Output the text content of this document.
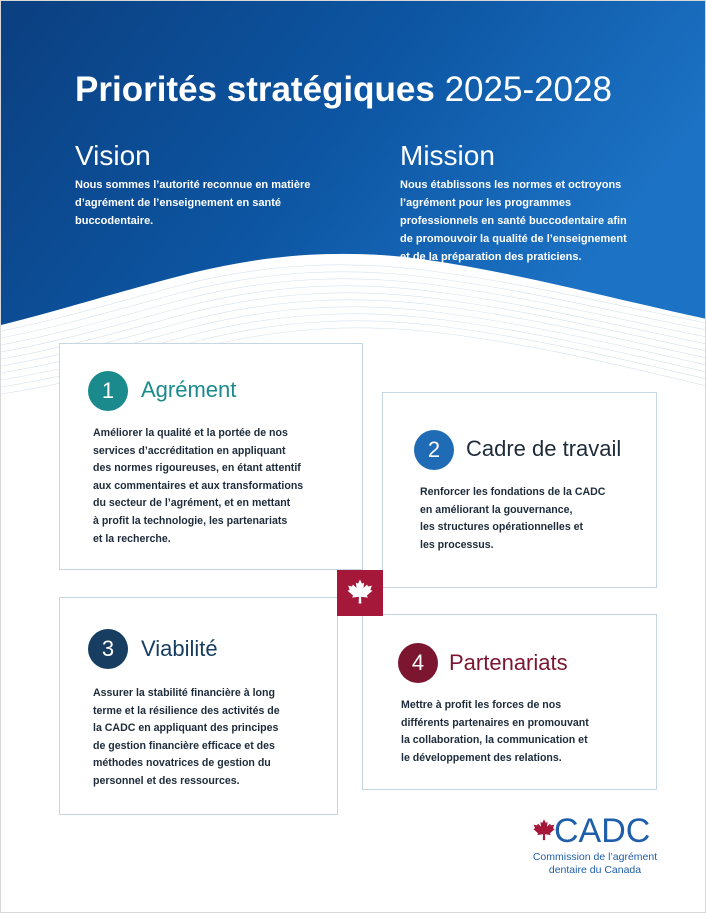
Priorités stratégiques 2025-2028
Vision

Nous sommes l’autorité reconnue en matière
d’agrément de l’enseignement en santé
buccodentaire.

Mission

Nous établissons les normes et octroyons
l’agrément pour les programmes
professionnels en santé buccodentaire afin
de promouvoir la qualité de l’enseignement
et de la préparation des praticiens.

1	Agrément

Améliorer la qualité et la portée de nos
services d’accréditation en appliquant
des normes rigoureuses, en étant attentif
aux commentaires et aux transformations
du secteur de l’agrément, et en mettant
à profit la technologie, les partenariats
et la recherche.

2	Cadre de travail

Renforcer les fondations de la CADC
en améliorant la gouvernance,
les structures opérationnelles et
les processus.

3	Viabilité

Assurer la stabilité financière à long
terme et la résilience des activités de
la CADC en appliquant des principes
de gestion financière efficace et des
méthodes novatrices de gestion du
personnel et des ressources.

4	Partenariats

Mettre à profit les forces de nos
différents partenaires en promouvant
la collaboration, la communication et
le développement des relations.

CADC
Commission de l’agrément
dentaire du Canada
